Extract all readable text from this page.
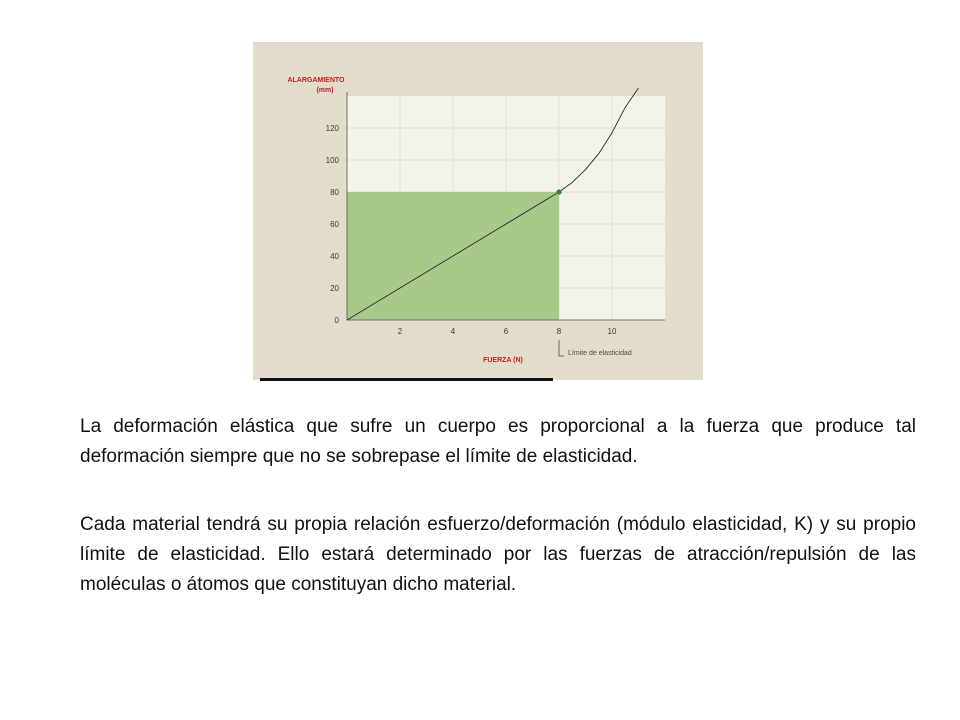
ALARGAMIENTO
(mm)
0
20
40
60
80
100
120
2	4	6	8	10
FUERZA (N)
Límite de elasticidad

La deformación elástica que sufre un cuerpo es proporcional a la fuerza que produce tal deformación siempre que no se sobrepase el límite de elasticidad.

Cada material tendrá su propia relación esfuerzo/deformación (módulo elasticidad, K) y su propio límite de elasticidad. Ello estará determinado por las fuerzas de atracción/repulsión de las moléculas o átomos que constituyan dicho material.
